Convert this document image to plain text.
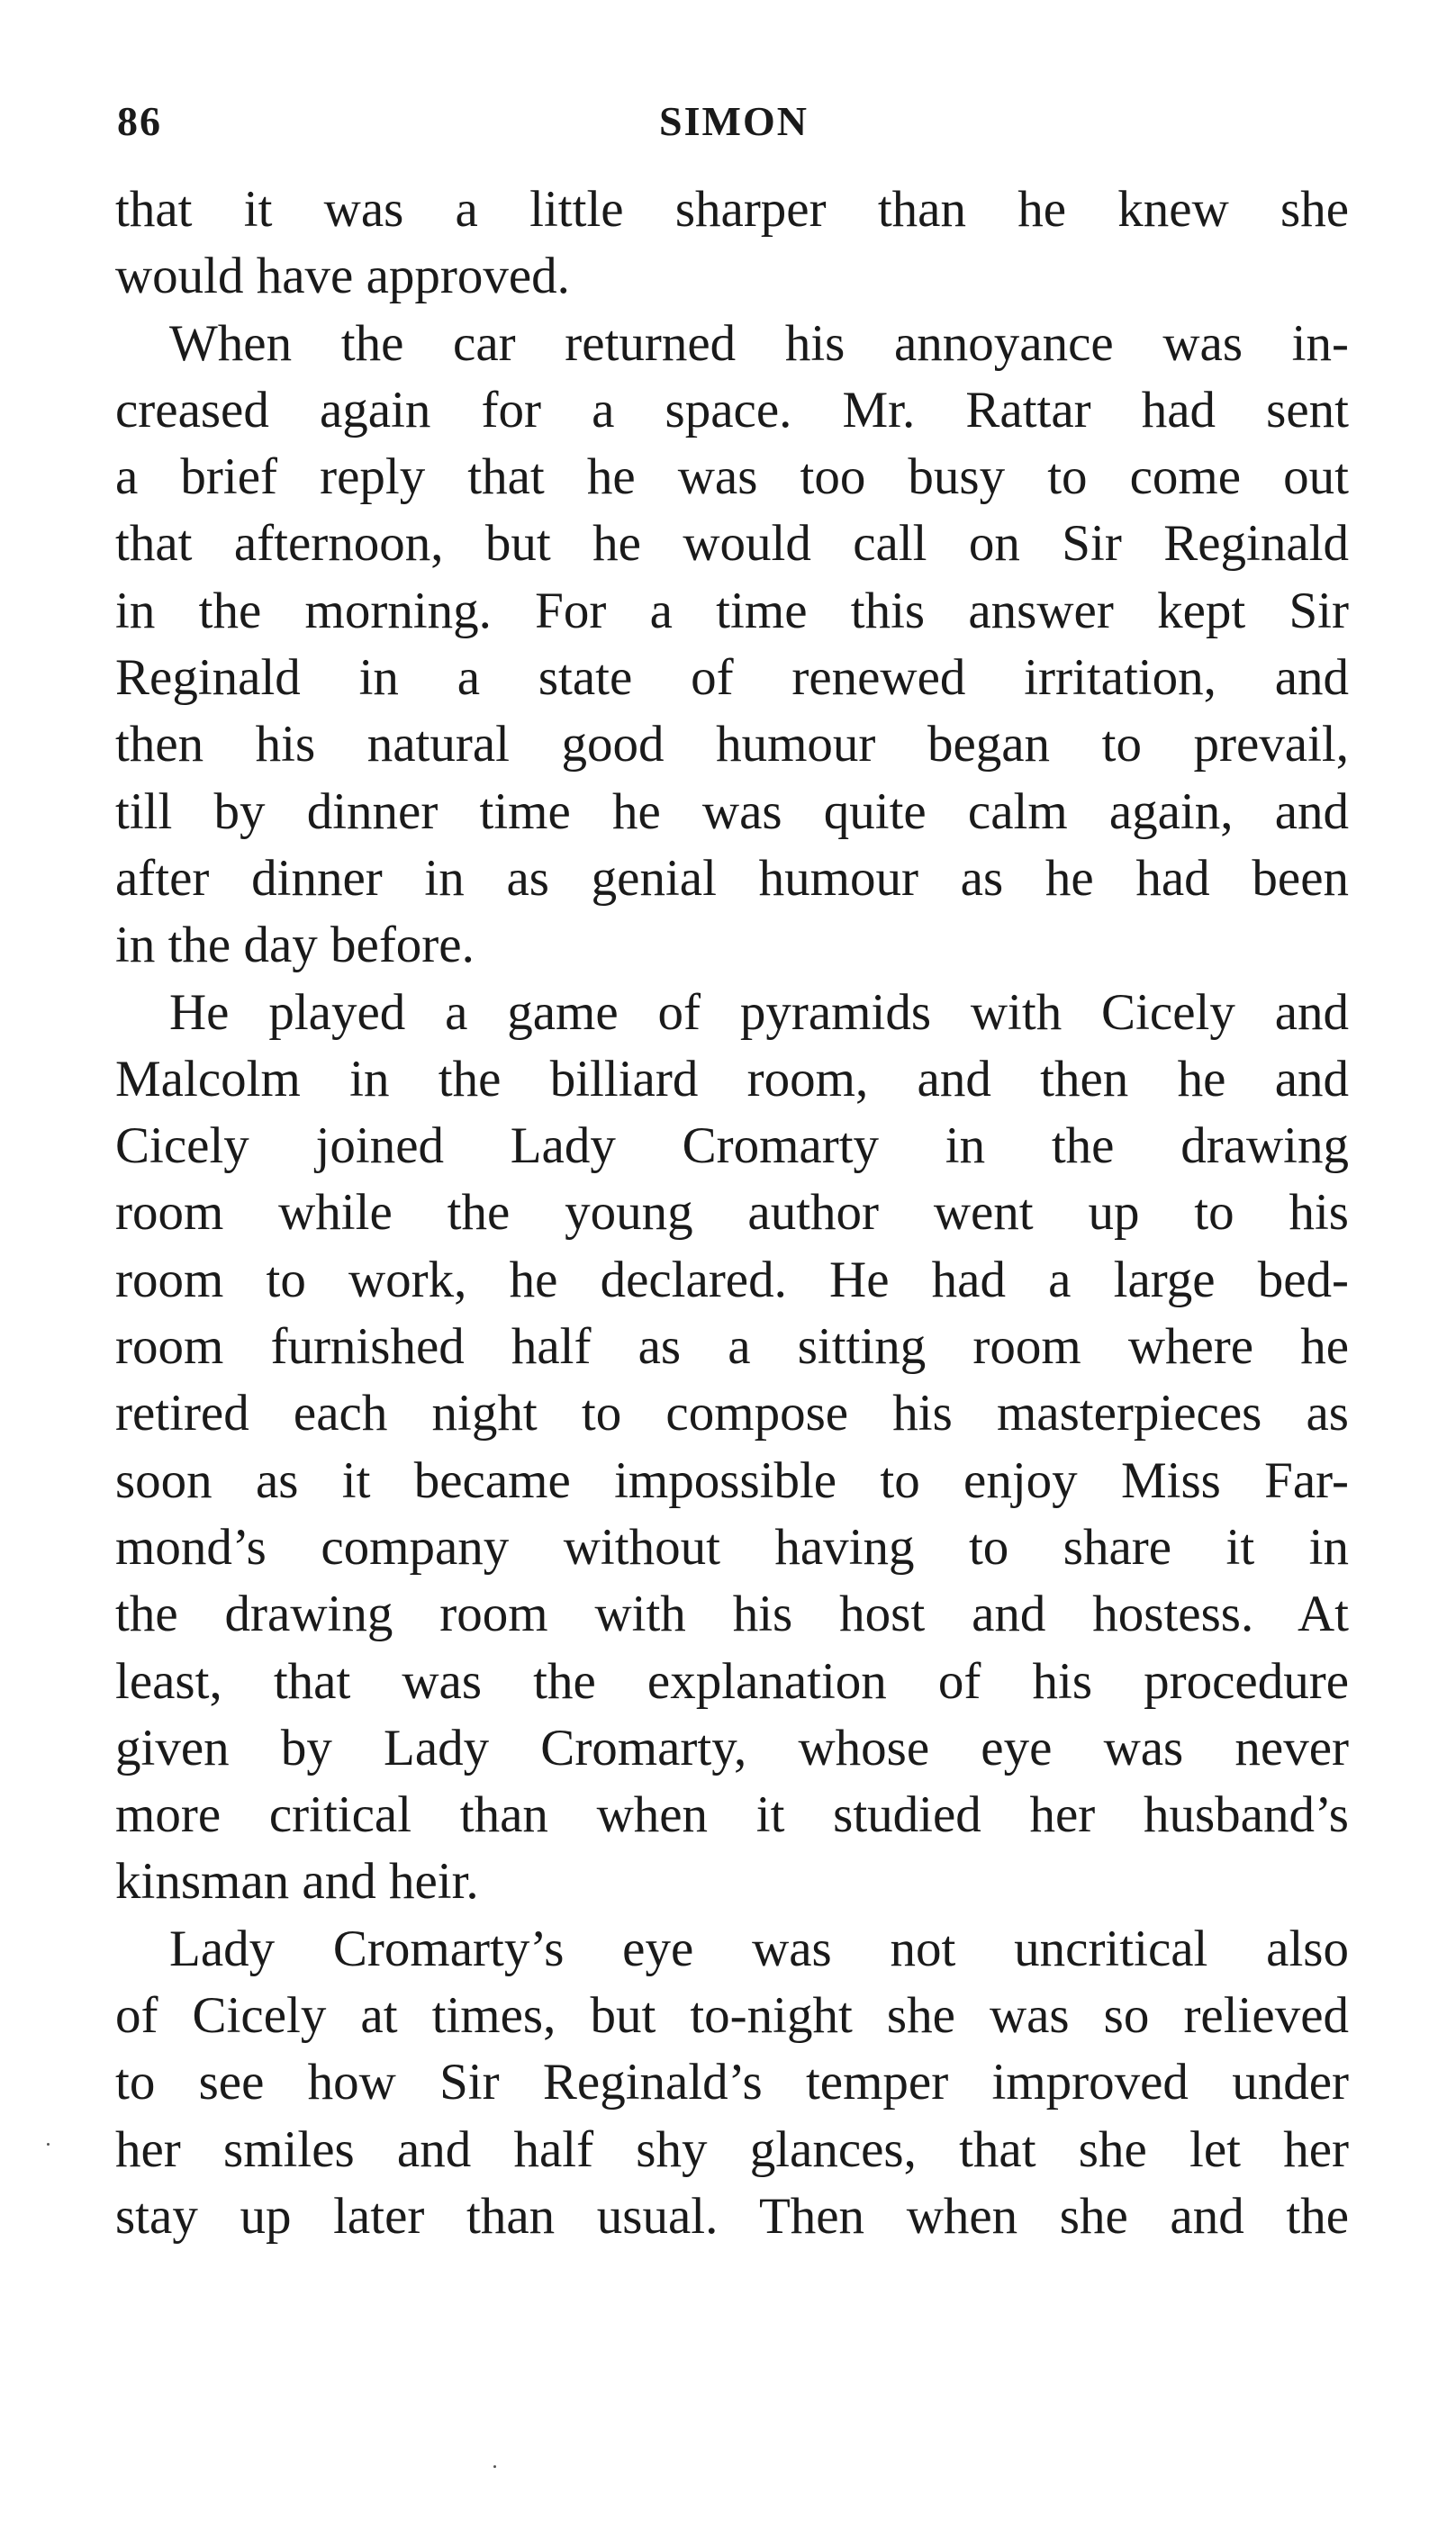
86	SIMON
that it was a little sharper than he knew she
would have approved.
When the car returned his annoyance was in-
creased again for a space. Mr. Rattar had sent
a brief reply that he was too busy to come out
that afternoon, but he would call on Sir Reginald
in the morning. For a time this answer kept Sir
Reginald in a state of renewed irritation, and
then his natural good humour began to prevail,
till by dinner time he was quite calm again, and
after dinner in as genial humour as he had been
in the day before.
He played a game of pyramids with Cicely and
Malcolm in the billiard room, and then he and
Cicely joined Lady Cromarty in the drawing
room while the young author went up to his
room to work, he declared. He had a large bed-
room furnished half as a sitting room where he
retired each night to compose his masterpieces as
soon as it became impossible to enjoy Miss Far-
mond’s company without having to share it in
the drawing room with his host and hostess. At
least, that was the explanation of his procedure
given by Lady Cromarty, whose eye was never
more critical than when it studied her husband’s
kinsman and heir.
Lady Cromarty’s eye was not uncritical also
of Cicely at times, but to-night she was so relieved
to see how Sir Reginald’s temper improved under
her smiles and half shy glances, that she let her
stay up later than usual. Then when she and the
